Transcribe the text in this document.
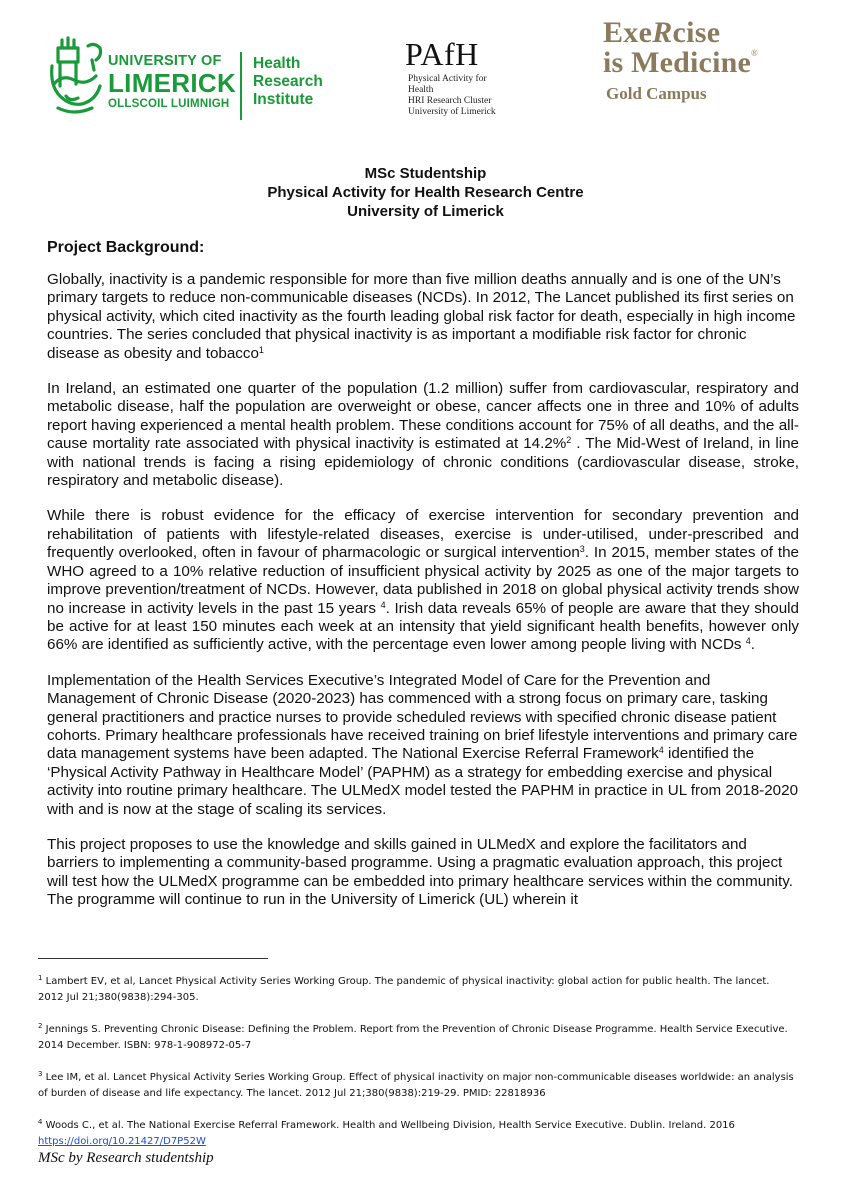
UNIVERSITY OF
LIMERICK
OLLSCOIL LUIMNIGH
Health
Research
Institute
PAfH
Physical Activity for Health
HRI Research Cluster
University of Limerick
ExeRcise
is Medicine®
Gold Campus
MSc Studentship
Physical Activity for Health Research Centre
University of Limerick
Project Background:

Globally, inactivity is a pandemic responsible for more than five million deaths annually and is one of the UN’s primary targets to reduce non-communicable diseases (NCDs). In 2012, The Lancet published its first series on physical activity, which cited inactivity as the fourth leading global risk factor for death, especially in high income countries. The series concluded that physical inactivity is as important a modifiable risk factor for chronic disease as obesity and tobacco$^1$

In Ireland, an estimated one quarter of the population (1.2 million) suffer from cardiovascular, respiratory and metabolic disease, half the population are overweight or obese, cancer affects one in three and 10% of adults report having experienced a mental health problem. These conditions account for 75% of all deaths, and the all-cause mortality rate associated with physical inactivity is estimated at 14.2%$^2$ . The Mid-West of Ireland, in line with national trends is facing a rising epidemiology of chronic conditions (cardiovascular disease, stroke, respiratory and metabolic disease).

While there is robust evidence for the efficacy of exercise intervention for secondary prevention and rehabilitation of patients with lifestyle-related diseases, exercise is under-utilised, under-prescribed and frequently overlooked, often in favour of pharmacologic or surgical intervention$^3$. In 2015, member states of the WHO agreed to a 10% relative reduction of insufficient physical activity by 2025 as one of the major targets to improve prevention/treatment of NCDs. However, data published in 2018 on global physical activity trends show no increase in activity levels in the past 15 years $^4$. Irish data reveals 65% of people are aware that they should be active for at least 150 minutes each week at an intensity that yield significant health benefits, however only 66% are identified as sufficiently active, with the percentage even lower among people living with NCDs $^4$.

Implementation of the Health Services Executive’s Integrated Model of Care for the Prevention and Management of Chronic Disease (2020-2023) has commenced with a strong focus on primary care, tasking general practitioners and practice nurses to provide scheduled reviews with specified chronic disease patient cohorts. Primary healthcare professionals have received training on brief lifestyle interventions and primary care data management systems have been adapted. The National Exercise Referral Framework$^4$ identified the ‘Physical Activity Pathway in Healthcare Model’ (PAPHM) as a strategy for embedding exercise and physical activity into routine primary healthcare. The ULMedX model tested the PAPHM in practice in UL from 2018-2020 with and is now at the stage of scaling its services.

This project proposes to use the knowledge and skills gained in ULMedX and explore the facilitators and barriers to implementing a community-based programme. Using a pragmatic evaluation approach, this project will test how the ULMedX programme can be embedded into primary healthcare services within the community. The programme will continue to run in the University of Limerick (UL) wherein it

$^1$ Lambert EV, et al, Lancet Physical Activity Series Working Group. The pandemic of physical inactivity: global action for public health. The lancet. 2012 Jul 21;380(9838):294-305.
$^2$ Jennings S. Preventing Chronic Disease: Defining the Problem. Report from the Prevention of Chronic Disease Programme. Health Service Executive. 2014 December. ISBN: 978-1-908972-05-7
$^3$ Lee IM, et al. Lancet Physical Activity Series Working Group. Effect of physical inactivity on major non-communicable diseases worldwide: an analysis of burden of disease and life expectancy. The lancet. 2012 Jul 21;380(9838):219-29. PMID: 22818936
$^4$ Woods C., et al. The National Exercise Referral Framework. Health and Wellbeing Division, Health Service Executive. Dublin. Ireland. 2016
https://doi.org/10.21427/D7P52W
MSc by Research studentship
